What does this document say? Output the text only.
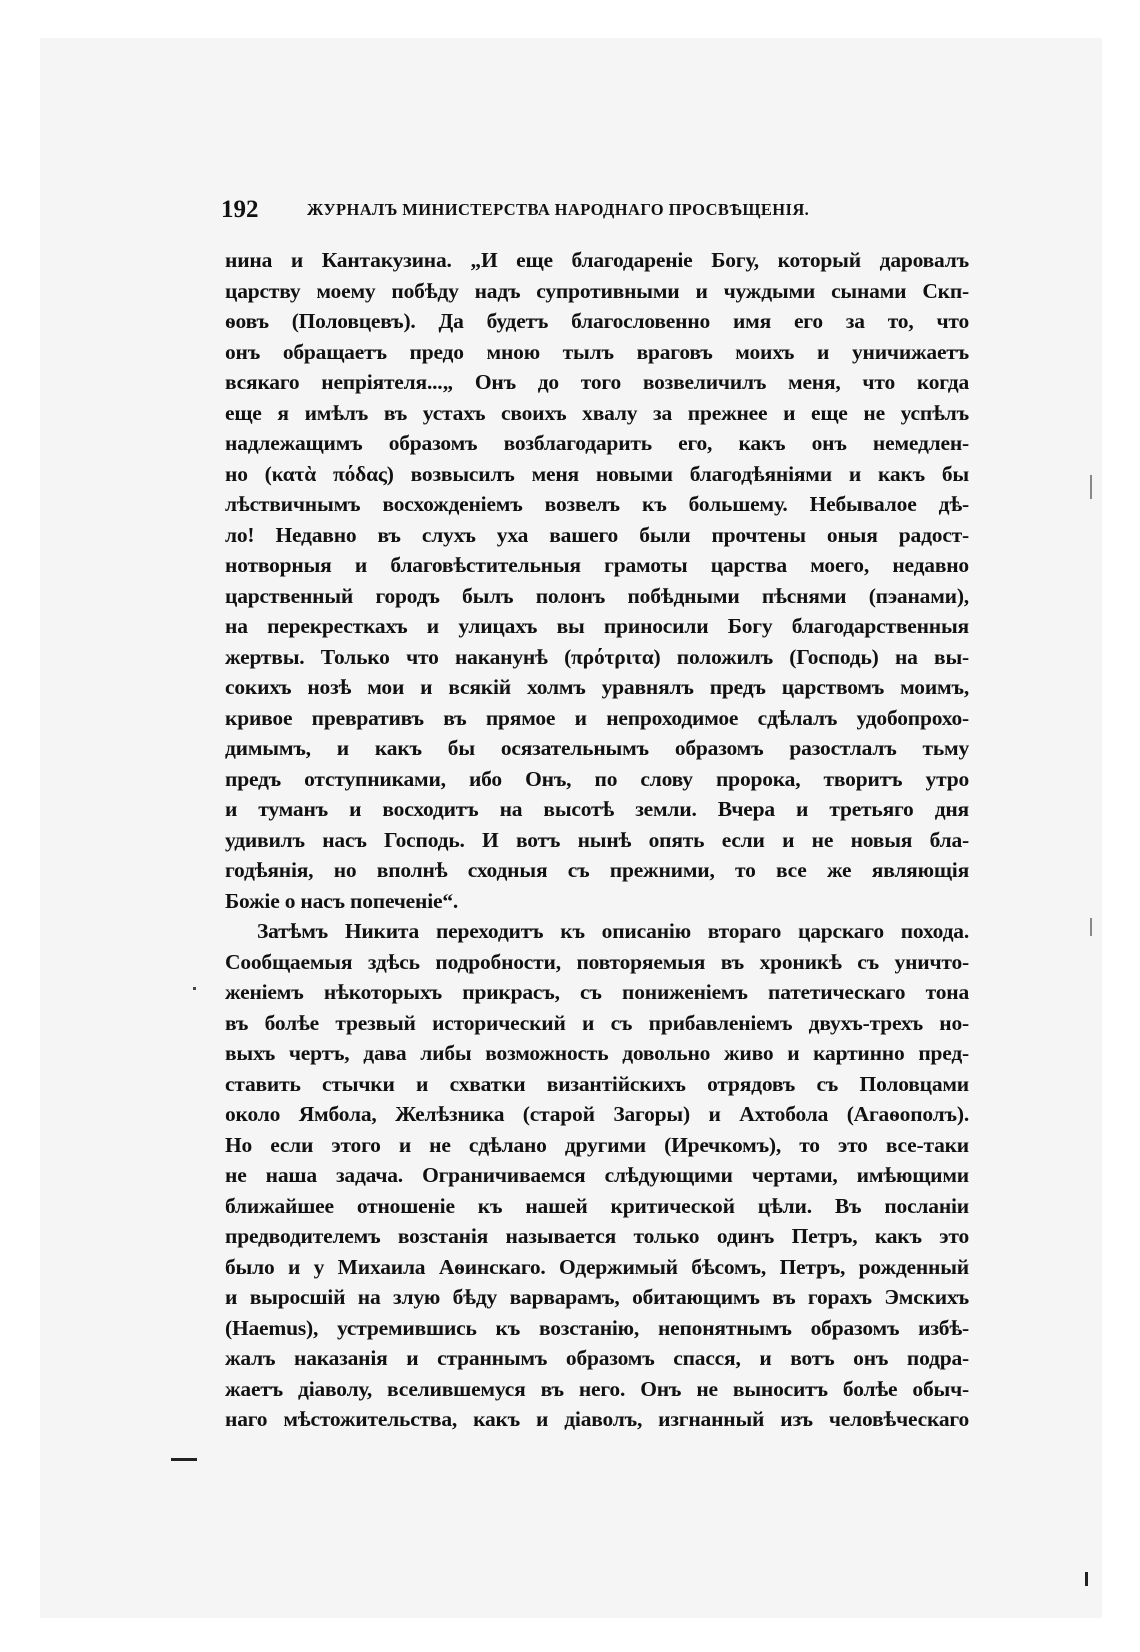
192	ЖУРНАЛЪ МИНИСТЕРСТВА НАРОДНАГО ПРОСВѢЩЕНІЯ.
нина и Кантакузина. „И еще благодареніе Богу, который даровалъ
царству моему побѣду надъ супротивными и чуждыми сынами Скп-
ѳовъ (Половцевъ). Да будетъ благословенно имя его за то, что
онъ обращаетъ предо мною тылъ враговъ моихъ и уничижаетъ
всякаго непріятеля...„ Онъ до того возвеличилъ меня, что когда
еще я имѣлъ въ устахъ своихъ хвалу за прежнее и еще не успѣлъ
надлежащимъ образомъ возблагодарить его, какъ онъ немедлен-
но (κατὰ πόδας) возвысилъ меня новыми благодѣяніями и какъ бы
лѣствичнымъ восхожденіемъ возвелъ къ большему. Небывалое дѣ-
ло! Недавно въ слухъ уха вашего были прочтены оныя радост-
нотворныя и благовѣстительныя грамоты царства моего, недавно
царственный городъ былъ полонъ побѣдными пѣснями (пэанами),
на перекресткахъ и улицахъ вы приносили Богу благодарственныя
жертвы. Только что наканунѣ (πρότριτα) положилъ (Господь) на вы-
сокихъ нозѣ мои и всякій холмъ уравнялъ предъ царствомъ моимъ,
кривое превративъ въ прямое и непроходимое сдѣлалъ удобопрохо-
димымъ, и какъ бы осязательнымъ образомъ разостлалъ тьму
предъ отступниками, ибо Онъ, по слову пророка, творитъ утро
и туманъ и восходитъ на высотѣ земли. Вчера и третьяго дня
удивилъ насъ Господь. И вотъ нынѣ опять если и не новыя бла-
годѣянія, но вполнѣ сходныя съ прежними, то все же являющія
Божіе о насъ попеченіе“.
Затѣмъ Никита переходитъ къ описанію втораго царскаго похода.
Сообщаемыя здѣсь подробности, повторяемыя въ хроникѣ съ уничто-
женіемъ нѣкоторыхъ прикрасъ, съ пониженіемъ патетическаго тона
въ болѣе трезвый исторический и съ прибавленіемъ двухъ-трехъ но-
выхъ чертъ, дава либы возможность довольно живо и картинно пред-
ставить стычки и схватки византійскихъ отрядовъ съ Половцами
около Ямбола, Желѣзника (старой Загоры) и Ахтобола (Агаѳополъ).
Но если этого и не сдѣлано другими (Иречкомъ), то это все-таки
не наша задача. Ограничиваемся слѣдующими чертами, имѣющими
ближайшее отношеніе къ нашей критической цѣли. Въ посланіи
предводителемъ возстанія называется только одинъ Петръ, какъ это
было и у Михаила Аѳинскаго. Одержимый бѣсомъ, Петръ, рожденный
и выросшій на злую бѣду варварамъ, обитающимъ въ горахъ Эмскихъ
(Haemus), устремившись къ возстанію, непонятнымъ образомъ избѣ-
жалъ наказанія и страннымъ образомъ спасся, и вотъ онъ подра-
жаетъ діаволу, вселившемуся въ него. Онъ не выноситъ болѣе обыч-
наго мѣстожительства, какъ и діаволъ, изгнанный изъ человѣческаго
